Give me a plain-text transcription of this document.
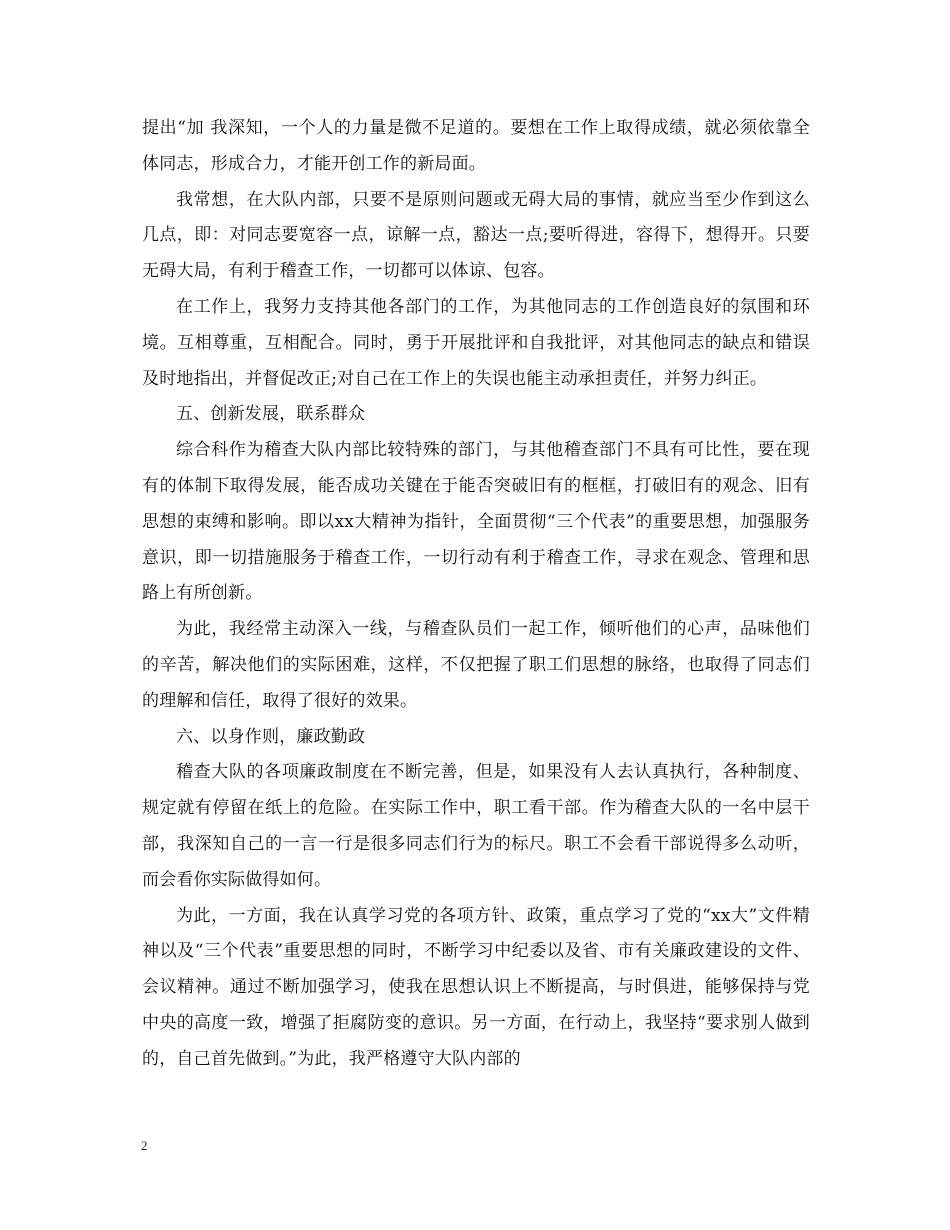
提出“加 我深知，一个人的力量是微不足道的。要想在工作上取得成绩，就必须依靠全体同志，形成合力，才能开创工作的新局面。

我常想，在大队内部，只要不是原则问题或无碍大局的事情，就应当至少作到这么几点，即：对同志要宽容一点，谅解一点，豁达一点;要听得进，容得下，想得开。只要无碍大局，有利于稽查工作，一切都可以体谅、包容。

在工作上，我努力支持其他各部门的工作，为其他同志的工作创造良好的氛围和环境。互相尊重，互相配合。同时，勇于开展批评和自我批评，对其他同志的缺点和错误及时地指出，并督促改正;对自己在工作上的失误也能主动承担责任，并努力纠正。

五、创新发展，联系群众

综合科作为稽查大队内部比较特殊的部门，与其他稽查部门不具有可比性，要在现有的体制下取得发展，能否成功关键在于能否突破旧有的框框，打破旧有的观念、旧有思想的束缚和影响。即以xx大精神为指针，全面贯彻“三个代表”的重要思想，加强服务意识，即一切措施服务于稽查工作，一切行动有利于稽查工作，寻求在观念、管理和思路上有所创新。

为此，我经常主动深入一线，与稽查队员们一起工作，倾听他们的心声，品味他们的辛苦，解决他们的实际困难，这样，不仅把握了职工们思想的脉络，也取得了同志们的理解和信任，取得了很好的效果。

六、以身作则，廉政勤政

稽查大队的各项廉政制度在不断完善，但是，如果没有人去认真执行，各种制度、规定就有停留在纸上的危险。在实际工作中，职工看干部。作为稽查大队的一名中层干部，我深知自己的一言一行是很多同志们行为的标尺。职工不会看干部说得多么动听，而会看你实际做得如何。

为此，一方面，我在认真学习党的各项方针、政策，重点学习了党的“xx大”文件精神以及“三个代表”重要思想的同时，不断学习中纪委以及省、市有关廉政建设的文件、会议精神。通过不断加强学习，使我在思想认识上不断提高，与时俱进，能够保持与党中央的高度一致，增强了拒腐防变的意识。另一方面，在行动上，我坚持“要求别人做到的，自己首先做到。”为此，我严格遵守大队内部的

2
